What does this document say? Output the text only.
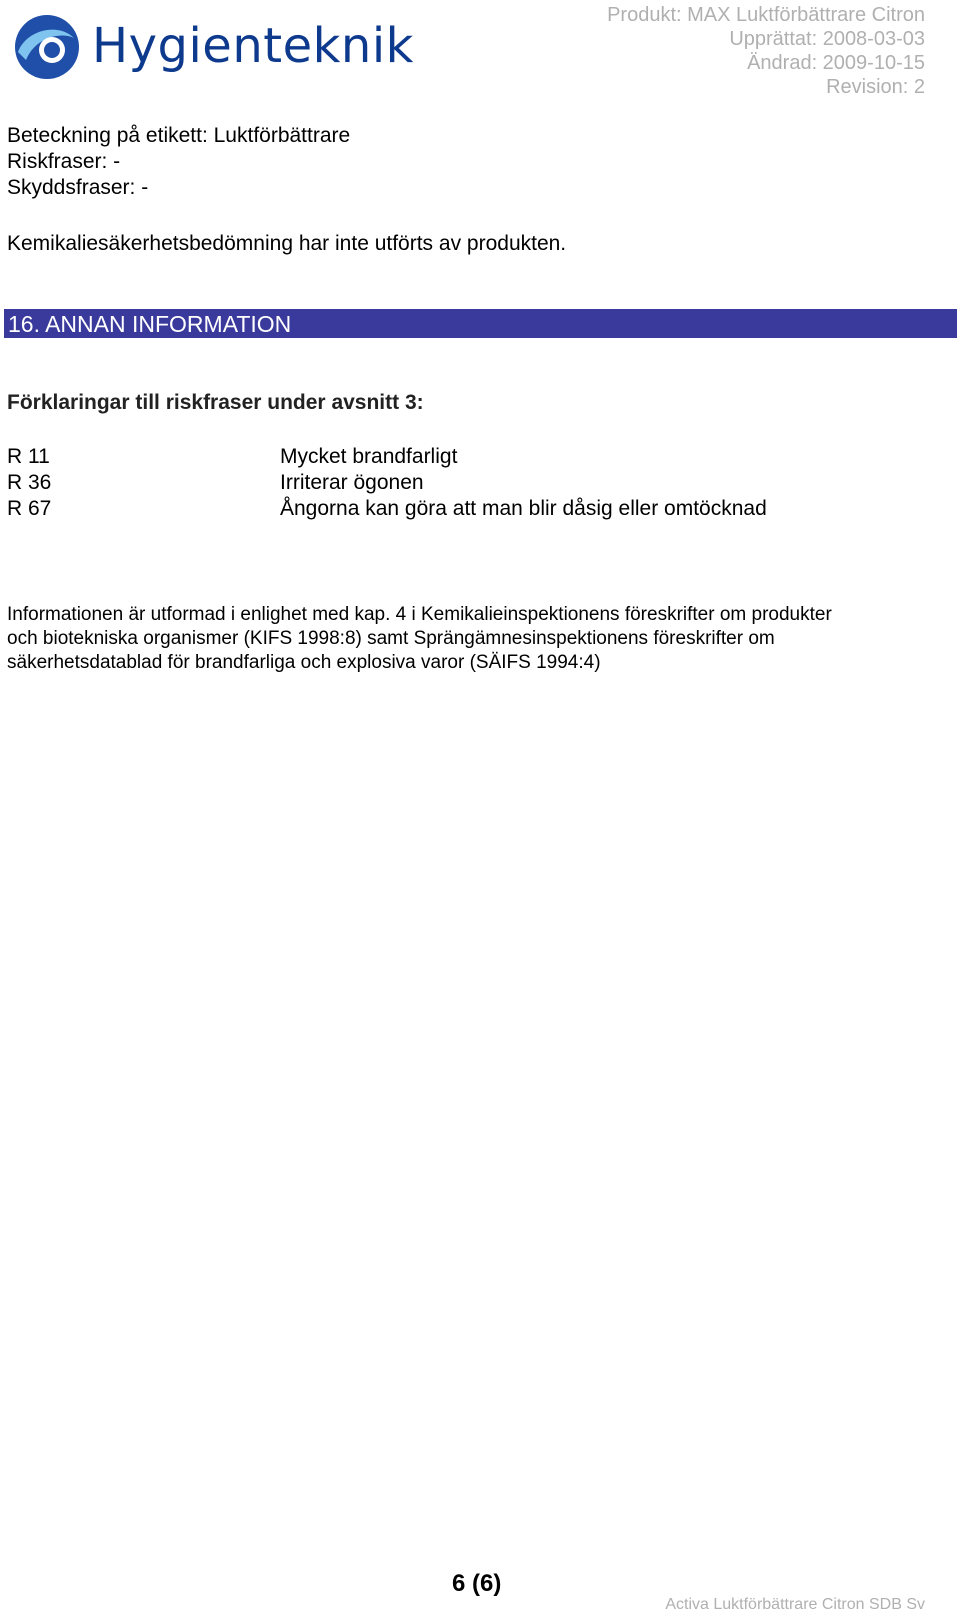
Hygienteknik
Produkt: MAX Luktförbättrare Citron
Upprättat: 2008-03-03
Ändrad: 2009-10-15
Revision: 2
Beteckning på etikett: Luktförbättrare
Riskfraser: -
Skyddsfraser: -
Kemikaliesäkerhetsbedömning har inte utförts av produkten.
16. ANNAN INFORMATION
Förklaringar till riskfraser under avsnitt 3:
R 11	Mycket brandfarligt
R 36	Irriterar ögonen
R 67	Ångorna kan göra att man blir dåsig eller omtöcknad
Informationen är utformad i enlighet med kap. 4 i Kemikalieinspektionens föreskrifter om produkter
och biotekniska organismer (KIFS 1998:8) samt Sprängämnesinspektionens föreskrifter om
säkerhetsdatablad för brandfarliga och explosiva varor (SÄIFS 1994:4)
6 (6)
Activa Luktförbättrare Citron SDB Sv
